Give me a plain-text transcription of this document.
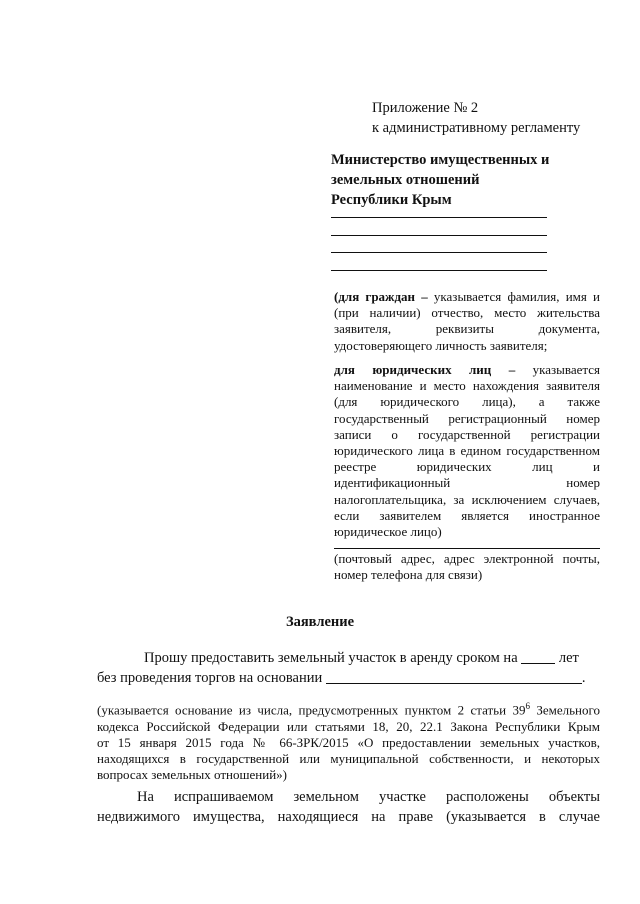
Приложение № 2
к административному регламенту
Министерство имущественных и
земельных отношений
Республики Крым
(для граждан – указывается фамилия, имя и
(при наличии) отчество, место жительства
заявителя, реквизиты документа,
удостоверяющего личность заявителя;
для юридических лиц – указывается
наименование и место нахождения заявителя
(для юридического лица), а также
государственный регистрационный номер
записи о государственной регистрации
юридического лица в едином государственном
реестре юридических лиц и
идентификационный номер
налогоплательщика, за исключением случаев,
если заявителем является иностранное
юридическое лицо)
(почтовый адрес, адрес электронной почты,
номер телефона для связи)
Заявление
Прошу предоставить земельный участок в аренду сроком на	лет
без проведения торгов на основании	.
(указывается основание из числа, предусмотренных пунктом 2 статьи $39^6$ Земельного
кодекса Российской Федерации или статьями 18, 20, 22.1 Закона Республики Крым
от 15 января 2015 года № 66-ЗРК/2015 «О предоставлении земельных участков,
находящихся в государственной или муниципальной собственности, и некоторых
вопросах земельных отношений»)
На испрашиваемом земельном участке расположены объекты
недвижимого имущества, находящиеся на праве (указывается в случае
